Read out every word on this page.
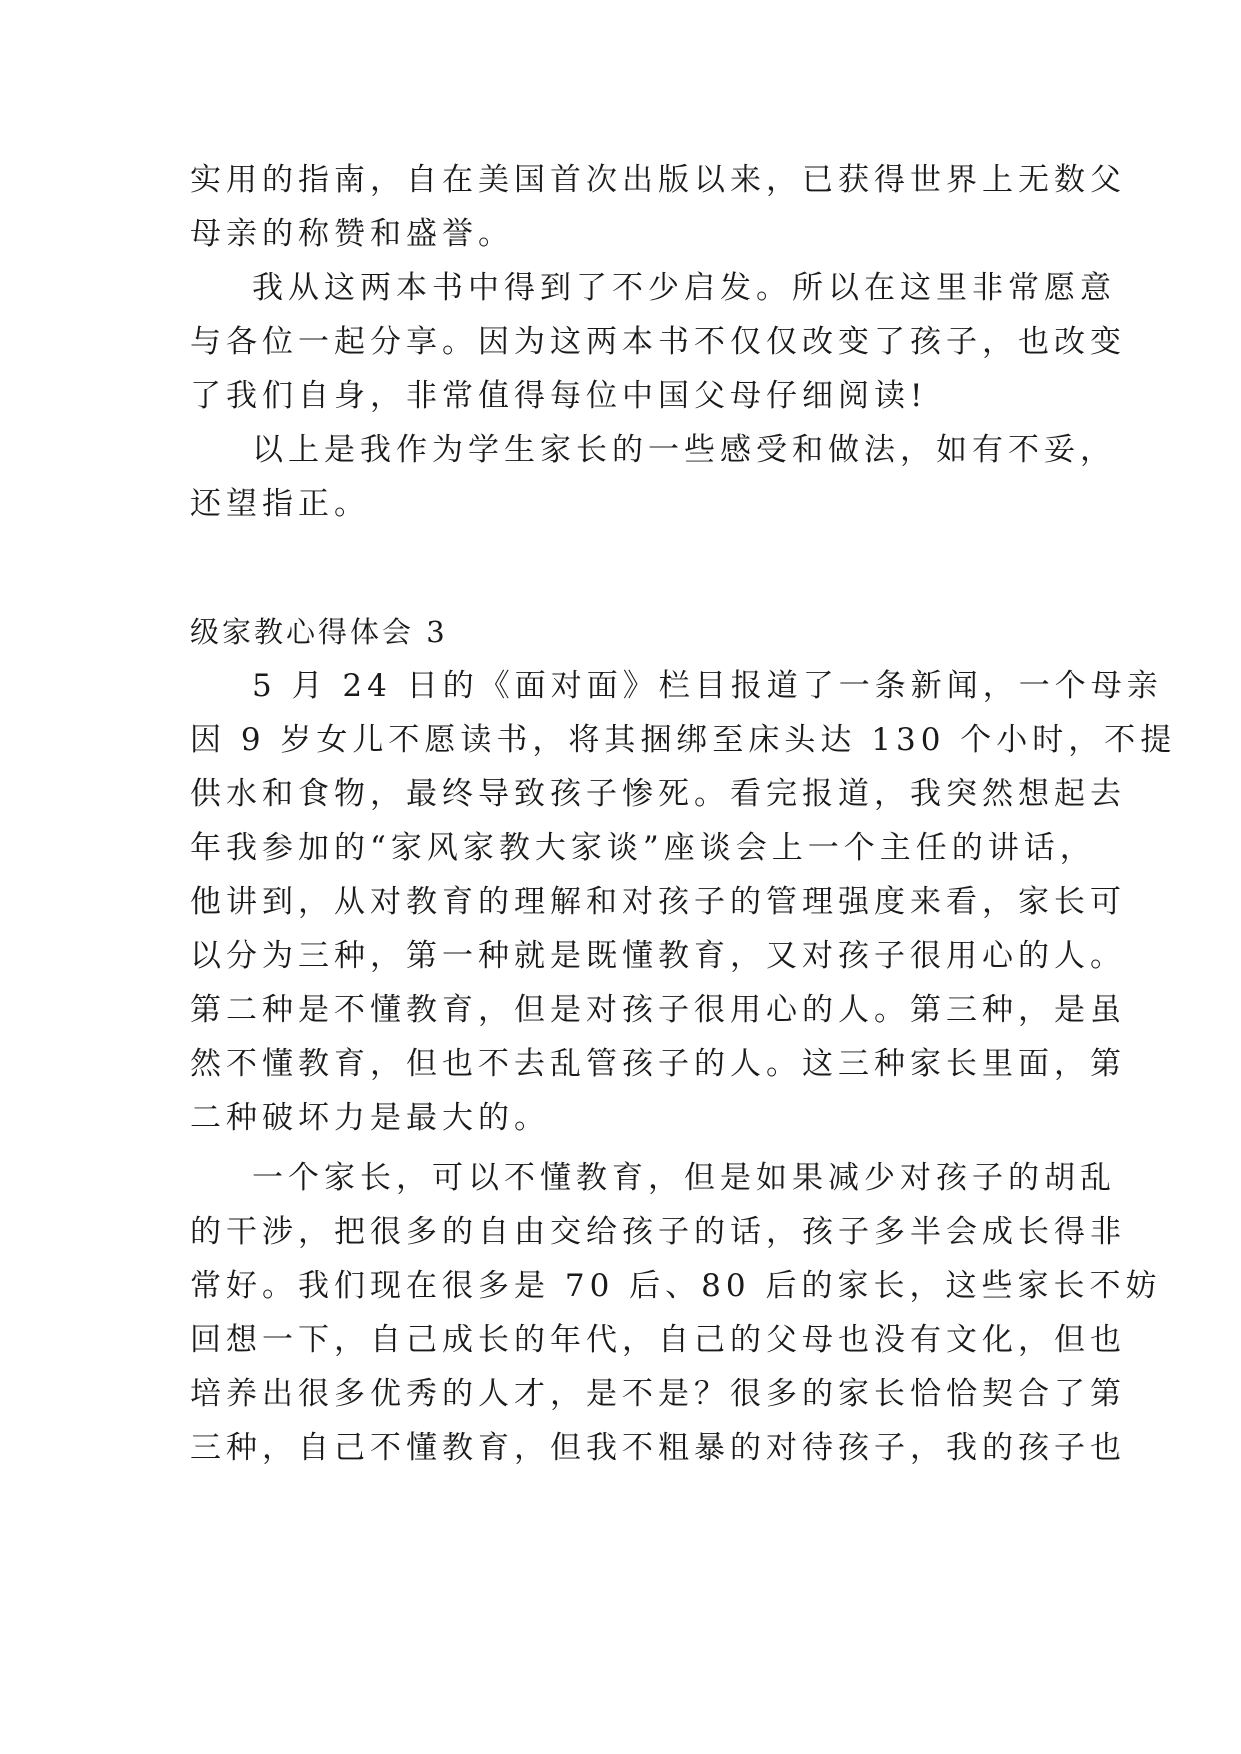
实用的指南，自在美国首次出版以来，已获得世界上无数父
母亲的称赞和盛誉。
我从这两本书中得到了不少启发。所以在这里非常愿意
与各位一起分享。因为这两本书不仅仅改变了孩子，也改变
了我们自身，非常值得每位中国父母仔细阅读!
以上是我作为学生家长的一些感受和做法，如有不妥，
还望指正。
级家教心得体会 3
5 月 24 日的《面对面》栏目报道了一条新闻，一个母亲
因 9 岁女儿不愿读书，将其捆绑至床头达 130 个小时，不提
供水和食物，最终导致孩子惨死。看完报道，我突然想起去
年我参加的“家风家教大家谈”座谈会上一个主任的讲话，
他讲到，从对教育的理解和对孩子的管理强度来看，家长可
以分为三种，第一种就是既懂教育，又对孩子很用心的人。
第二种是不懂教育，但是对孩子很用心的人。第三种，是虽
然不懂教育，但也不去乱管孩子的人。这三种家长里面，第
二种破坏力是最大的。
一个家长，可以不懂教育，但是如果减少对孩子的胡乱
的干涉，把很多的自由交给孩子的话，孩子多半会成长得非
常好。我们现在很多是 70 后、80 后的家长，这些家长不妨
回想一下，自己成长的年代，自己的父母也没有文化，但也
培养出很多优秀的人才，是不是？很多的家长恰恰契合了第
三种，自己不懂教育，但我不粗暴的对待孩子，我的孩子也
